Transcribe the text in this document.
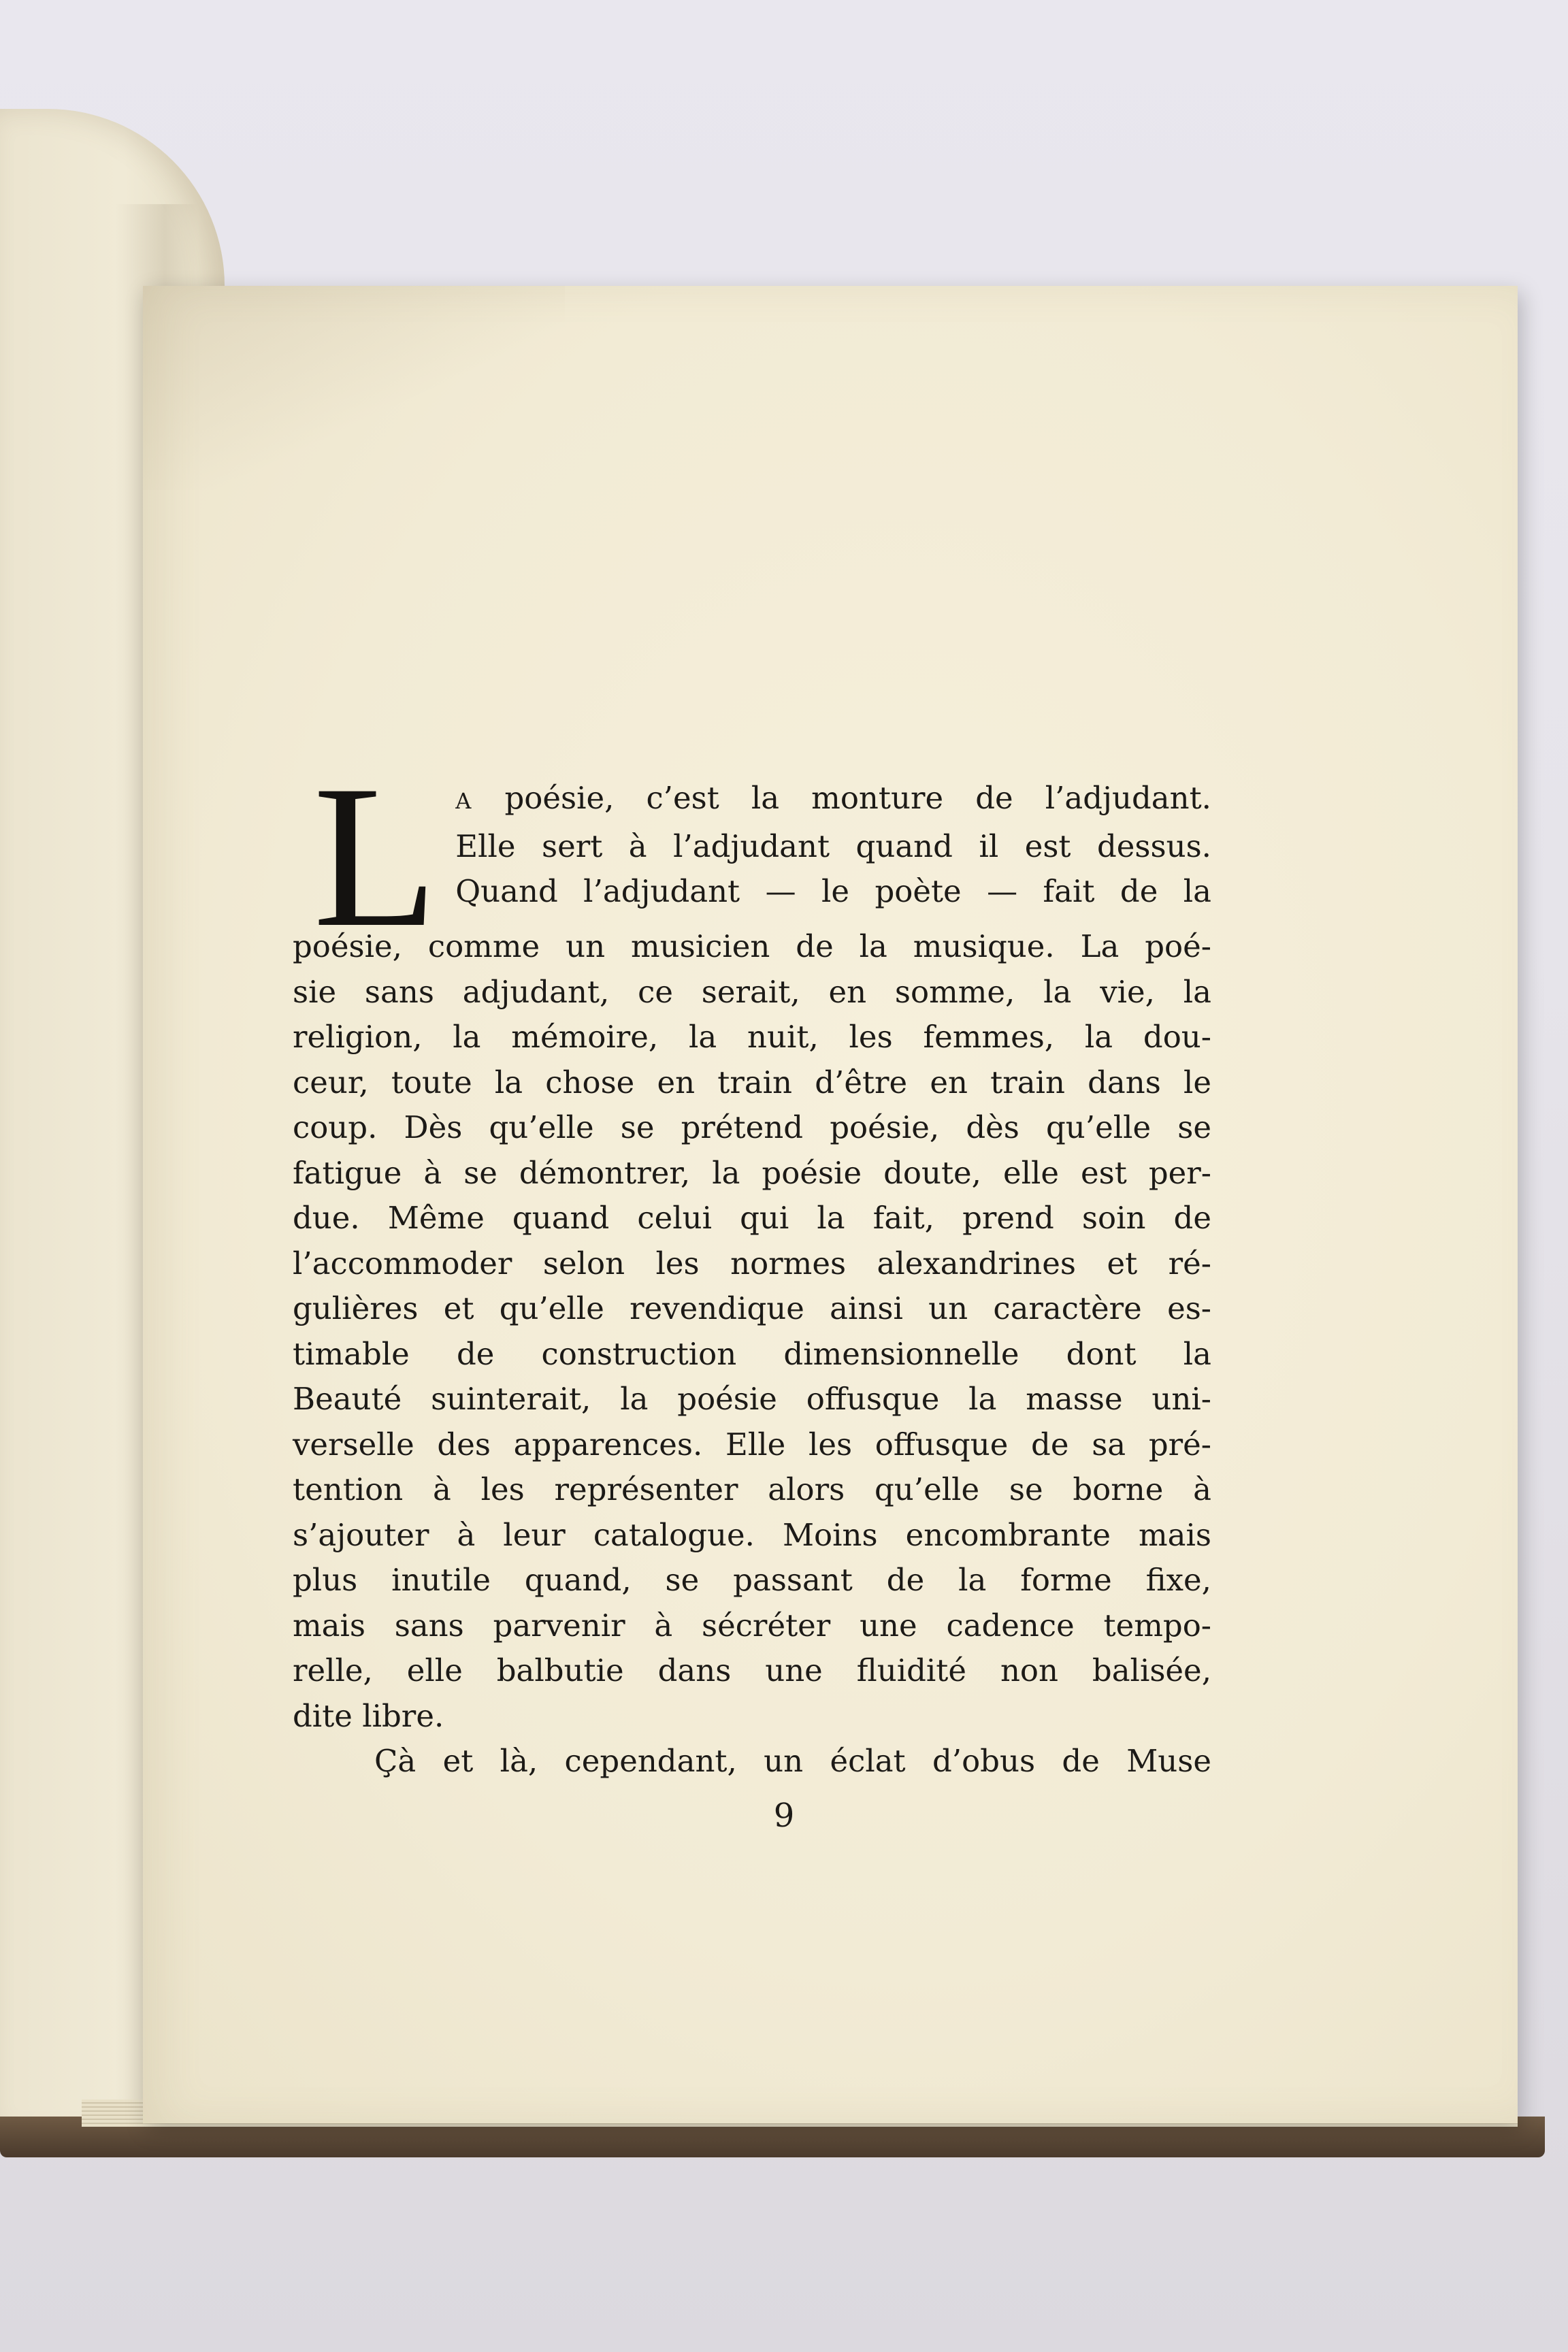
L A poésie, c’est la monture de l’adjudant.
Elle sert à l’adjudant quand il est dessus.
Quand l’adjudant — le poète — fait de la
poésie, comme un musicien de la musique. La poé-
sie sans adjudant, ce serait, en somme, la vie, la
religion, la mémoire, la nuit, les femmes, la dou-
ceur, toute la chose en train d’être en train dans le
coup. Dès qu’elle se prétend poésie, dès qu’elle se
fatigue à se démontrer, la poésie doute, elle est per-
due. Même quand celui qui la fait, prend soin de
l’accommoder selon les normes alexandrines et ré-
gulières et qu’elle revendique ainsi un caractère es-
timable de construction dimensionnelle dont la
Beauté suinterait, la poésie offusque la masse uni-
verselle des apparences. Elle les offusque de sa pré-
tention à les représenter alors qu’elle se borne à
s’ajouter à leur catalogue. Moins encombrante mais
plus inutile quand, se passant de la forme fixe,
mais sans parvenir à sécréter une cadence tempo-
relle, elle balbutie dans une fluidité non balisée,
dite libre.
Çà et là, cependant, un éclat d’obus de Muse
9
